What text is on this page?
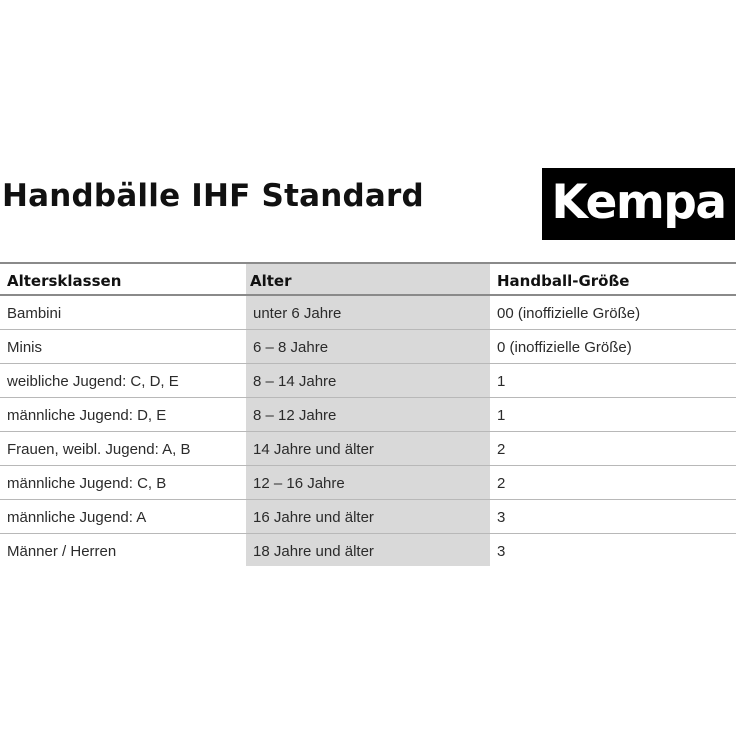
Handbälle IHF Standard	Kempa
Altersklassen	Alter	Handball-Größe
Bambini	unter 6 Jahre	00 (inoffizielle Größe)
Minis	6 – 8 Jahre	0 (inoffizielle Größe)
weibliche Jugend: C, D, E	8 – 14 Jahre	1
männliche Jugend: D, E	8 – 12 Jahre	1
Frauen, weibl. Jugend: A, B	14 Jahre und älter	2
männliche Jugend: C, B	12 – 16 Jahre	2
männliche Jugend: A	16 Jahre und älter	3
Männer / Herren	18 Jahre und älter	3
